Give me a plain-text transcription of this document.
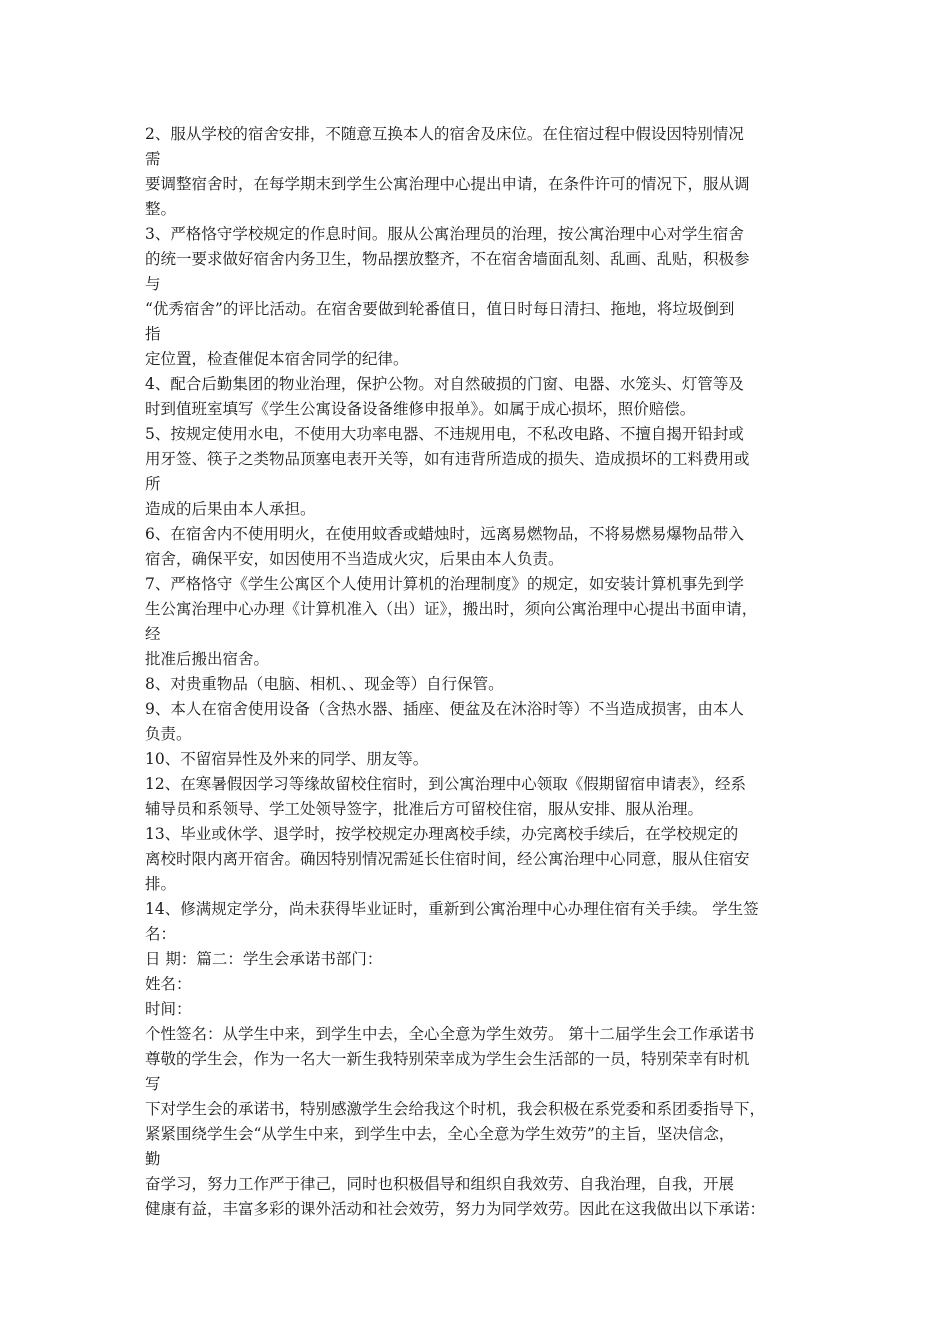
2、服从学校的宿舍安排，不随意互换本人的宿舍及床位。在住宿过程中假设因特别情况
需
要调整宿舍时，在每学期末到学生公寓治理中心提出申请，在条件许可的情况下，服从调
整。
3、严格恪守学校规定的作息时间。服从公寓治理员的治理，按公寓治理中心对学生宿舍
的统一要求做好宿舍内务卫生，物品摆放整齐，不在宿舍墙面乱刻、乱画、乱贴，积极参
与
“优秀宿舍”的评比活动。在宿舍要做到轮番值日，值日时每日清扫、拖地，将垃圾倒到
指
定位置，检查催促本宿舍同学的纪律。
4、配合后勤集团的物业治理，保护公物。对自然破损的门窗、电器、水笼头、灯管等及
时到值班室填写《学生公寓设备设备维修申报单》。如属于成心损坏，照价赔偿。
5、按规定使用水电，不使用大功率电器、不违规用电，不私改电路、不擅自揭开铅封或
用牙签、筷子之类物品顶塞电表开关等，如有违背所造成的损失、造成损坏的工料费用或
所
造成的后果由本人承担。
6、在宿舍内不使用明火，在使用蚊香或蜡烛时，远离易燃物品，不将易燃易爆物品带入
宿舍，确保平安，如因使用不当造成火灾，后果由本人负责。
7、严格恪守《学生公寓区个人使用计算机的治理制度》的规定，如安装计算机事先到学
生公寓治理中心办理《计算机准入（出）证》，搬出时，须向公寓治理中心提出书面申请，
经
批准后搬出宿舍。
8、对贵重物品（电脑、相机、、现金等）自行保管。
9、本人在宿舍使用设备（含热水器、插座、便盆及在沐浴时等）不当造成损害，由本人
负责。
10、不留宿异性及外来的同学、朋友等。
12、在寒暑假因学习等缘故留校住宿时，到公寓治理中心领取《假期留宿申请表》，经系
辅导员和系领导、学工处领导签字，批准后方可留校住宿，服从安排、服从治理。
13、毕业或休学、退学时，按学校规定办理离校手续，办完离校手续后，在学校规定的
离校时限内离开宿舍。确因特别情况需延长住宿时间，经公寓治理中心同意，服从住宿安
排。
14、修满规定学分，尚未获得毕业证时，重新到公寓治理中心办理住宿有关手续。 学生签
名：
日 期：篇二：学生会承诺书部门：
姓名：
时间：
个性签名：从学生中来，到学生中去，全心全意为学生效劳。 第十二届学生会工作承诺书
尊敬的学生会，作为一名大一新生我特别荣幸成为学生会生活部的一员，特别荣幸有时机
写
下对学生会的承诺书，特别感激学生会给我这个时机，我会积极在系党委和系团委指导下，
紧紧围绕学生会“从学生中来，到学生中去，全心全意为学生效劳”的主旨，坚决信念，
勤
奋学习，努力工作严于律己，同时也积极倡导和组织自我效劳、自我治理，自我，开展
健康有益，丰富多彩的课外活动和社会效劳，努力为同学效劳。因此在这我做出以下承诺：
